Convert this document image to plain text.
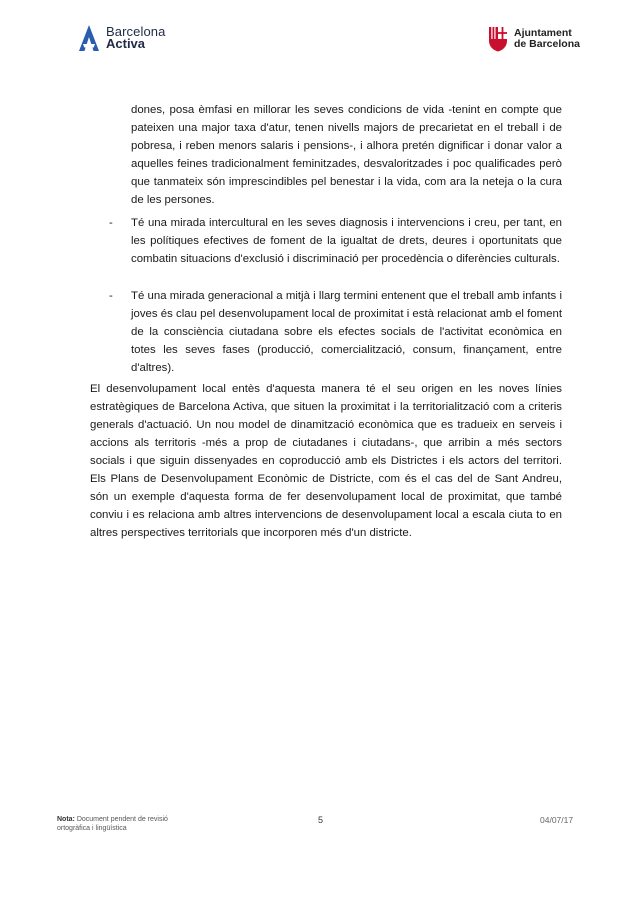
Barcelona
Activa
Ajuntament
de Barcelona
dones, posa èmfasi en millorar les seves condicions de vida -tenint en compte que pateixen una major taxa d'atur, tenen nivells majors de precarietat en el treball i de pobresa, i reben menors salaris i pensions-, i alhora pretén dignificar i donar valor a aquelles feines tradicionalment feminitzades, desvaloritzades i poc qualificades però que tanmateix són imprescindibles pel benestar i la vida, com ara la neteja o la cura de les persones.
- Té una mirada intercultural en les seves diagnosis i intervencions i creu, per tant, en les polítiques efectives de foment de la igualtat de drets, deures i oportunitats que combatin situacions d'exclusió i discriminació per procedència o diferències culturals.
- Té una mirada generacional a mitjà i llarg termini entenent que el treball amb infants i joves és clau pel desenvolupament local de proximitat i està relacionat amb el foment de la consciència ciutadana sobre els efectes socials de l'activitat econòmica en totes les seves fases (producció, comercialització, consum, finançament, entre d'altres).
El desenvolupament local entès d'aquesta manera té el seu origen en les noves línies estratègiques de Barcelona Activa, que situen la proximitat i la territorialització com a criteris generals d'actuació. Un nou model de dinamització econòmica que es tradueix en serveis i accions als territoris -més a prop de ciutadanes i ciutadans-, que arribin a més sectors socials i que siguin dissenyades en coproducció amb els Districtes i els actors del territori. Els Plans de Desenvolupament Econòmic de Districte, com és el cas del de Sant Andreu, són un exemple d'aquesta forma de fer desenvolupament local de proximitat, que també conviu i es relaciona amb altres intervencions de desenvolupament local a escala ciuta to en altres perspectives territorials que incorporen més d'un districte.
Nota: Document pendent de revisió ortogràfica i lingüística
5	04/07/17
